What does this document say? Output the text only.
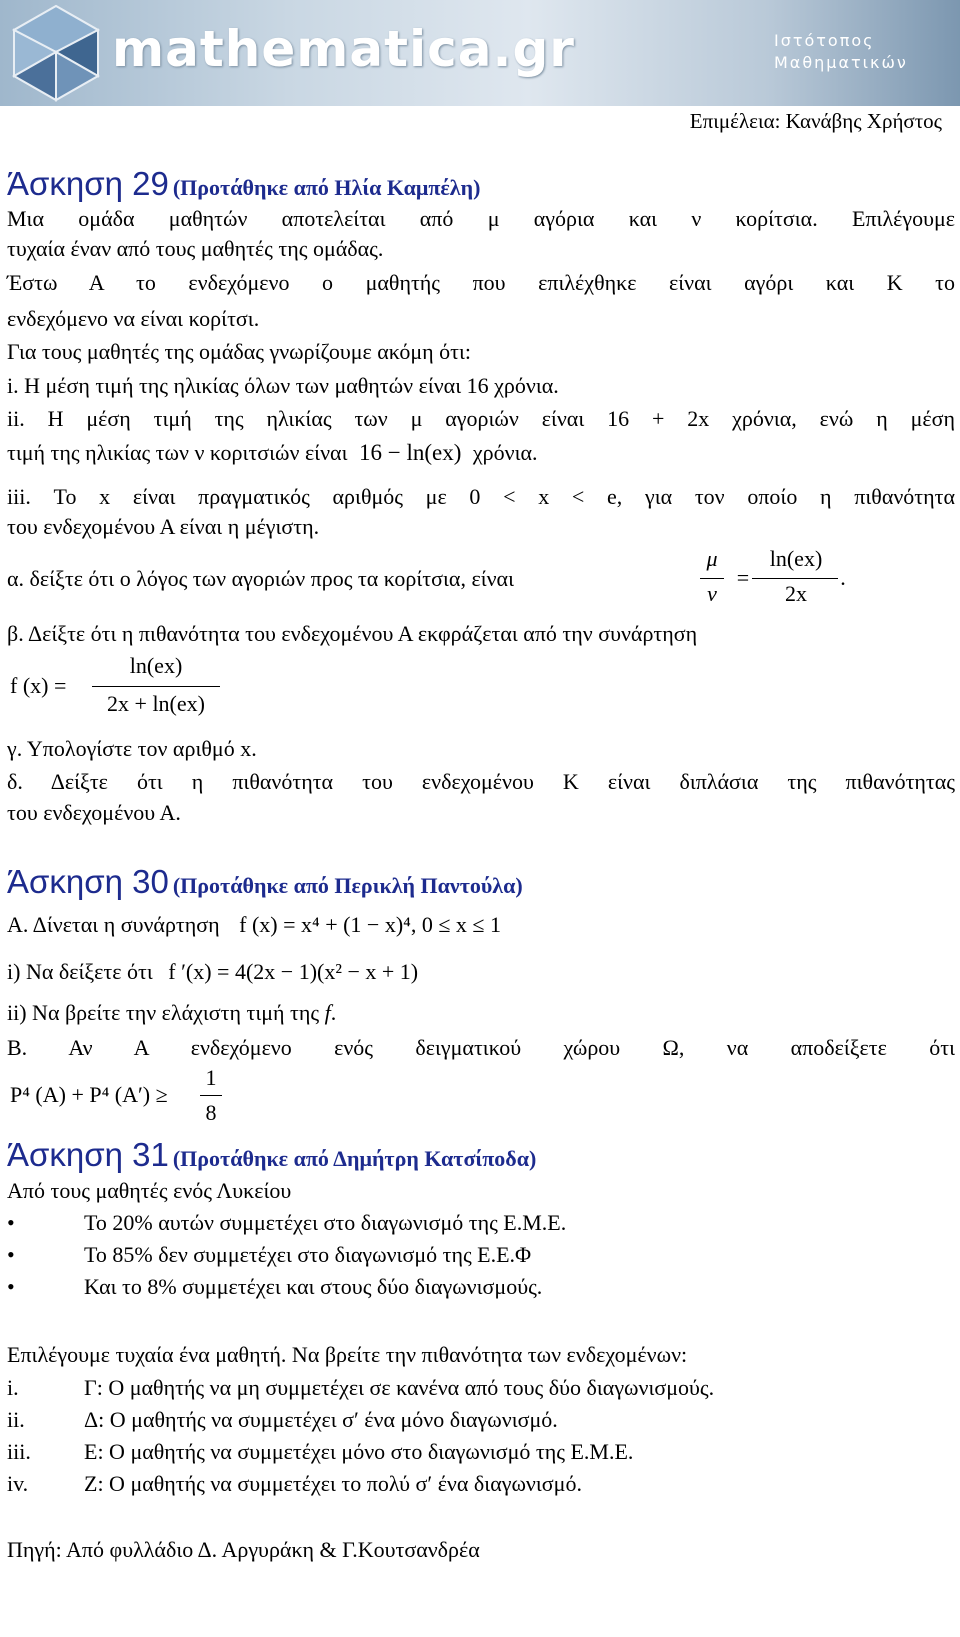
mathematica.gr	Ιστότοπος
Μαθηματικών
Επιμέλεια: Κανάβης Χρήστος
Άσκηση 29 (Προτάθηκε από Ηλία Καμπέλη)
Μια ομάδα μαθητών αποτελείται από μ αγόρια και ν κορίτσια. Επιλέγουμε
τυχαία έναν από τους μαθητές της ομάδας.
Έστω Α το ενδεχόμενο ο μαθητής που επιλέχθηκε είναι αγόρι και Κ το
ενδεχόμενο να είναι κορίτσι.
Για τους μαθητές της ομάδας γνωρίζουμε ακόμη ότι:
i. Η μέση τιμή της ηλικίας όλων των μαθητών είναι 16 χρόνια.
ii. Η μέση τιμή της ηλικίας των μ αγοριών είναι 16 + 2x χρόνια, ενώ η μέση
τιμή της ηλικίας των ν κοριτσιών είναι 16 − ln(ex) χρόνια.
iii. Το x είναι πραγματικός αριθμός με 0 < x < e, για τον οποίο η πιθανότητα
του ενδεχομένου Α είναι η μέγιστη.
α. δείξτε ότι ο λόγος των αγοριών προς τα κορίτσια, είναι
μ
ν
=
ln(ex)
2x
.
β. Δείξτε ότι η πιθανότητα του ενδεχομένου Α εκφράζεται από την συνάρτηση
f (x) =
ln(ex)
2x + ln(ex)
γ. Υπολογίστε τον αριθμό x.
δ. Δείξτε ότι η πιθανότητα του ενδεχομένου Κ είναι διπλάσια της πιθανότητας
του ενδεχομένου Α.
Άσκηση 30 (Προτάθηκε από Περικλή Παντούλα)
Α. Δίνεται η συνάρτηση f (x) = x⁴ + (1 − x)⁴, 0 ≤ x ≤ 1
i) Να δείξετε ότι f ′(x) = 4(2x − 1)(x² − x + 1)
ii) Να βρείτε την ελάχιστη τιμή της f.
Β. Αν Α ενδεχόμενο ενός δειγματικού χώρου Ω, να αποδείξετε ότι
P⁴ (A) + P⁴ (A′) ≥
1
8
Άσκηση 31 (Προτάθηκε από Δημήτρη Κατσίποδα)
Από τους μαθητές ενός Λυκείου
•	Το 20% αυτών συμμετέχει στο διαγωνισμό της Ε.Μ.Ε.
•	Το 85% δεν συμμετέχει στο διαγωνισμό της Ε.Ε.Φ
•	Και το 8% συμμετέχει και στους δύο διαγωνισμούς.
Επιλέγουμε τυχαία ένα μαθητή. Να βρείτε την πιθανότητα των ενδεχομένων:
i.	Γ: Ο μαθητής να μη συμμετέχει σε κανένα από τους δύο διαγωνισμούς.
ii.	Δ: Ο μαθητής να συμμετέχει σ′ ένα μόνο διαγωνισμό.
iii. Ε: Ο μαθητής να συμμετέχει μόνο στο διαγωνισμό της Ε.Μ.Ε.
iv.	Ζ: Ο μαθητής να συμμετέχει το πολύ σ′ ένα διαγωνισμό.
Πηγή: Από φυλλάδιο Δ. Αργυράκη & Γ.Κουτσανδρέα
